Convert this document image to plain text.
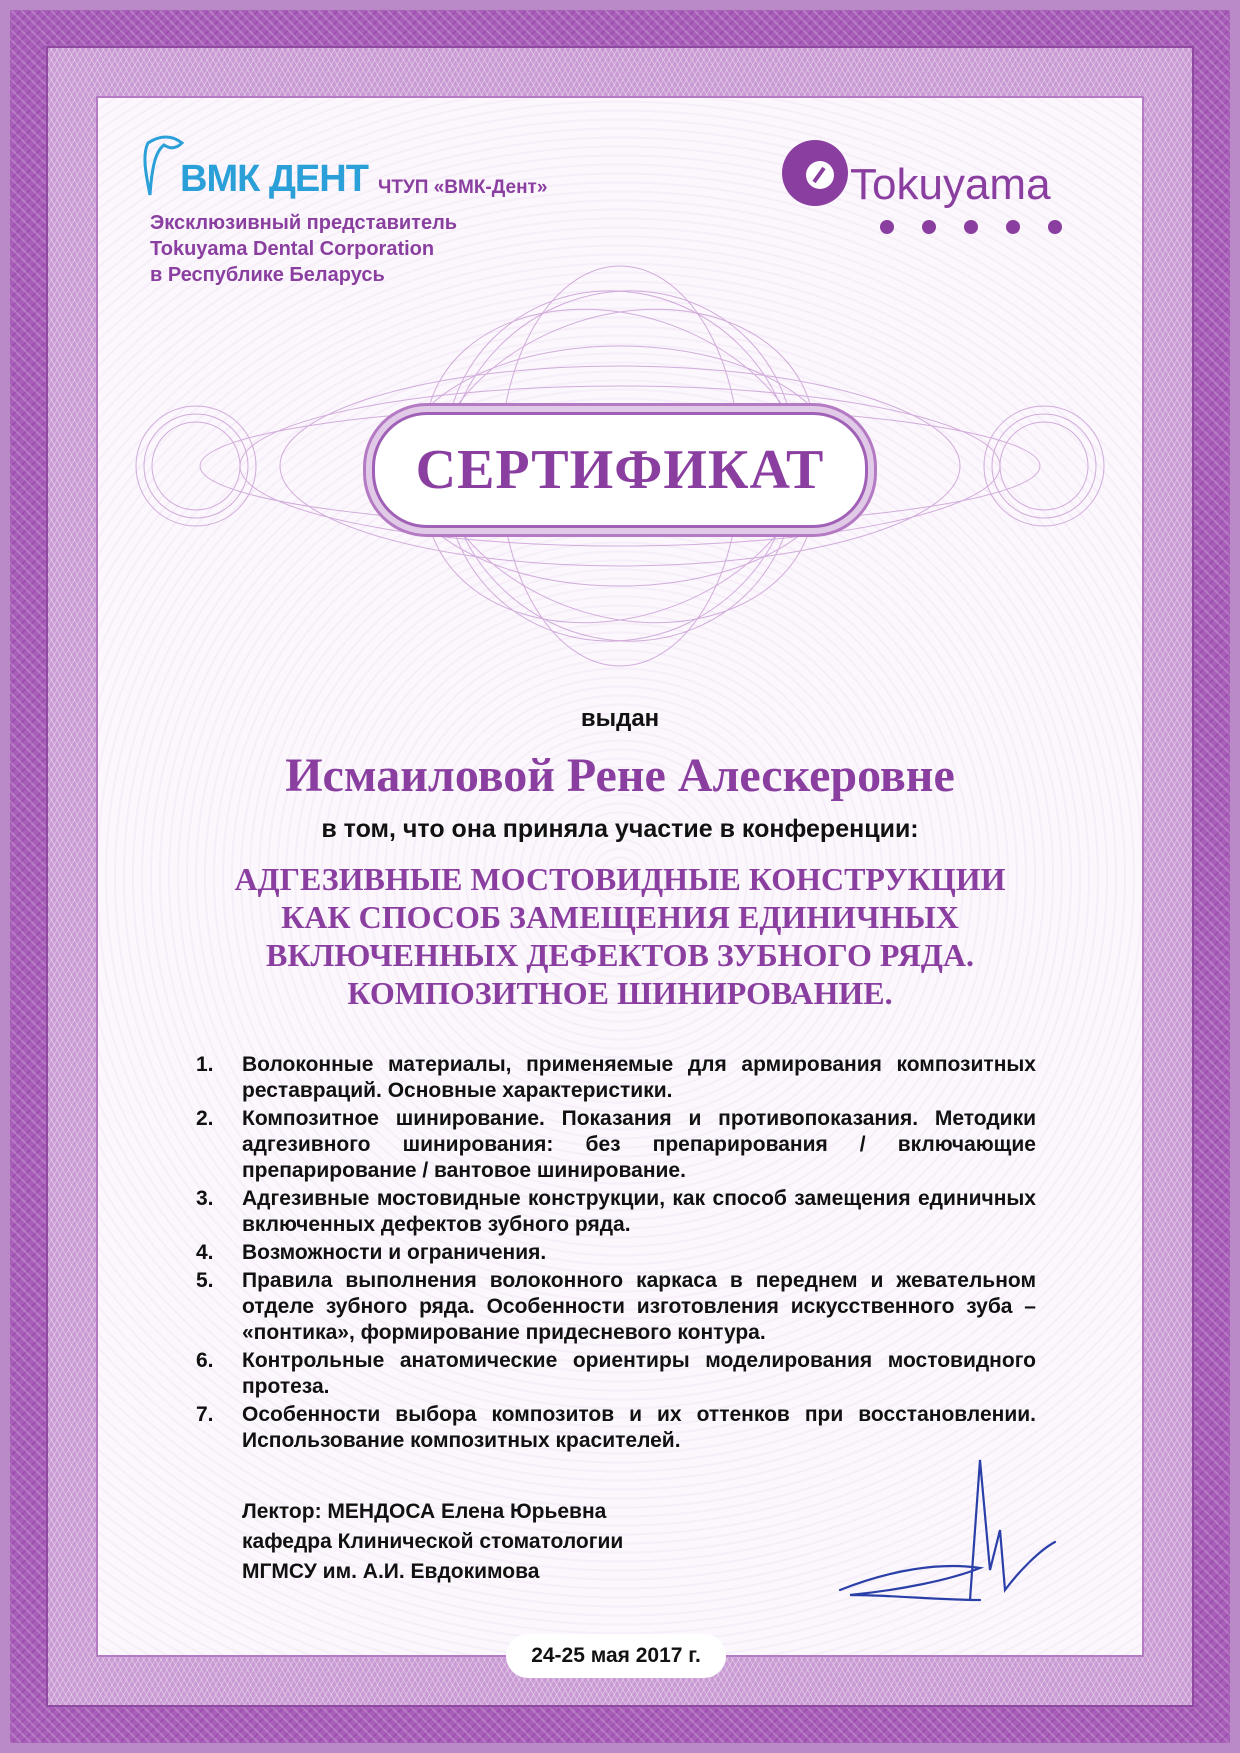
ВМК ДЕНТ ЧТУП «ВМК-Дент»
Эксклюзивный представитель
Tokuyama Dental Corporation
в Республике Беларусь
Tokuyama
СЕРТИФИКАТ
выдан
Исмаиловой Рене Алескеровне
в том, что она приняла участие в конференции:
АДГЕЗИВНЫЕ МОСТОВИДНЫЕ КОНСТРУКЦИИ
КАК СПОСОБ ЗАМЕЩЕНИЯ ЕДИНИЧНЫХ
ВКЛЮЧЕННЫХ ДЕФЕКТОВ ЗУБНОГО РЯДА.
КОМПОЗИТНОЕ ШИНИРОВАНИЕ.
1.	Волоконные материалы, применяемые для армирования композитных реставраций. Основные характеристики.
2.	Композитное шинирование. Показания и противопоказания. Методики адгезивного шинирования: без препарирования / включающие препарирование / вантовое шинирование.
3.	Адгезивные мостовидные конструкции, как способ замещения единичных включенных дефектов зубного ряда.
4.	Возможности и ограничения.
5.	Правила выполнения волоконного каркаса в переднем и жевательном отделе зубного ряда. Особенности изготовления искусственного зуба – «понтика», формирование придесневого контура.
6.	Контрольные анатомические ориентиры моделирования мостовидного протеза.
7.	Особенности выбора композитов и их оттенков при восстановлении. Использование композитных красителей.
Лектор: МЕНДОСА Елена Юрьевна
кафедра Клинической стоматологии
МГМСУ им. А.И. Евдокимова
24-25 мая 2017 г.
